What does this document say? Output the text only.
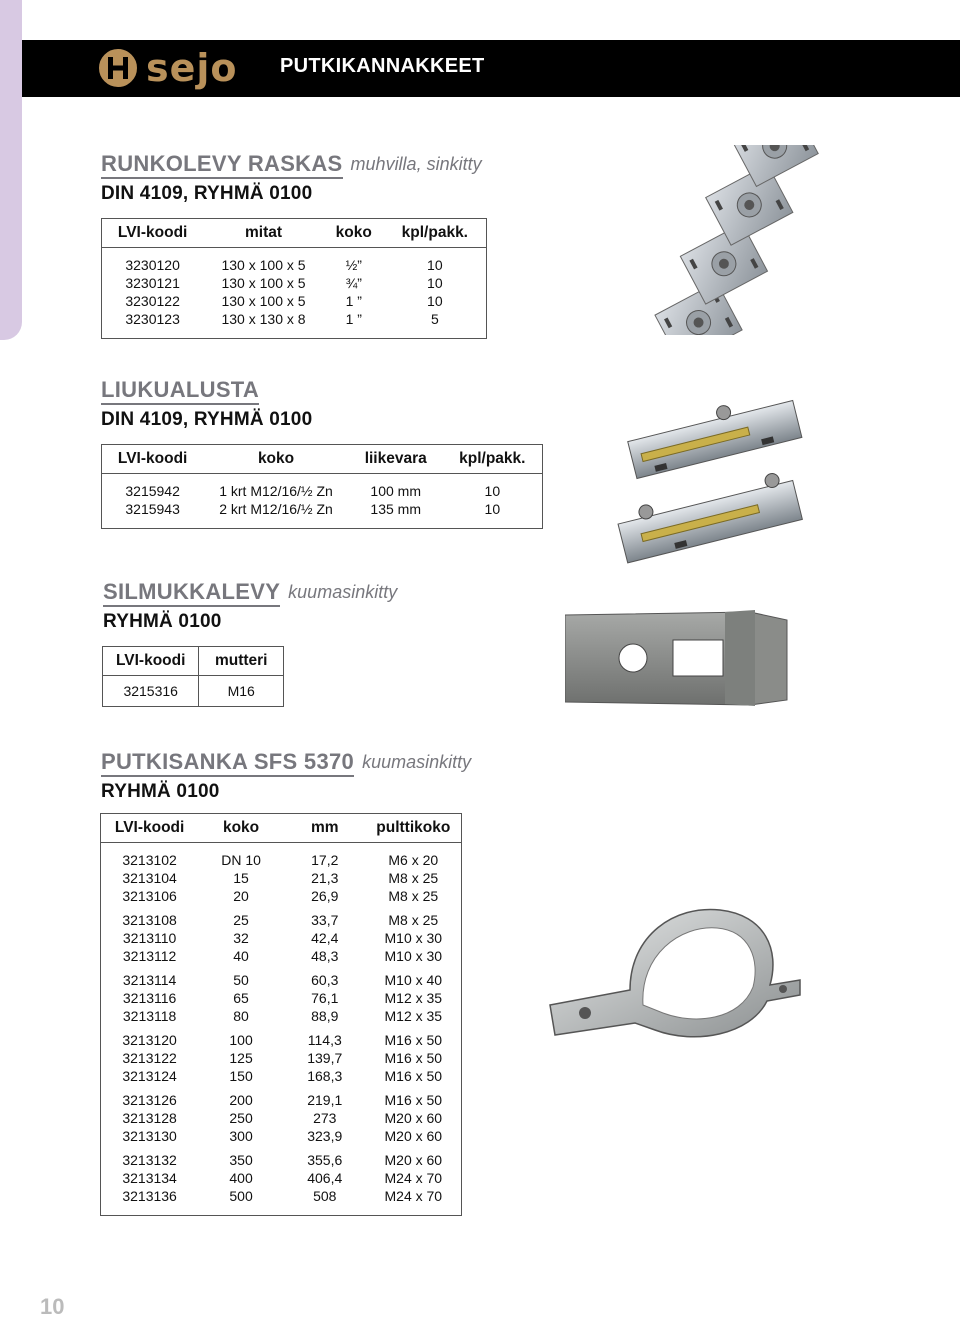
sejo PUTKIKANNAKKEET
RUNKOLEVY RASKAS muhvilla, sinkitty
DIN 4109, RYHMÄ 0100
LVI-koodi	mitat	koko	kpl/pakk.
3230120	130 x 100 x 5	½”	10
3230121	130 x 100 x 5	¾”	10
3230122	130 x 100 x 5	1 ”	10
3230123	130 x 130 x 8	1 ”	5
LIUKUALUSTA
DIN 4109, RYHMÄ 0100
LVI-koodi	koko	liikevara	kpl/pakk.
3215942	1 krt M12/16/½ Zn	100 mm	10
3215943	2 krt M12/16/½ Zn	135 mm	10
SILMUKKALEVY kuumasinkitty
RYHMÄ 0100
LVI-koodi	mutteri
3215316	M16
PUTKISANKA SFS 5370 kuumasinkitty
RYHMÄ 0100
LVI-koodi	koko	mm	pulttikoko
3213102	DN 10	17,2	M6 x 20
3213104	15	21,3	M8 x 25
3213106	20	26,9	M8 x 25
3213108	25	33,7	M8 x 25
3213110	32	42,4	M10 x 30
3213112	40	48,3	M10 x 30
3213114	50	60,3	M10 x 40
3213116	65	76,1	M12 x 35
3213118	80	88,9	M12 x 35
3213120	100	114,3	M16 x 50
3213122	125	139,7	M16 x 50
3213124	150	168,3	M16 x 50
3213126	200	219,1	M16 x 50
3213128	250	273	M20 x 60
3213130	300	323,9	M20 x 60
3213132	350	355,6	M20 x 60
3213134	400	406,4	M24 x 70
3213136	500	508	M24 x 70
10
